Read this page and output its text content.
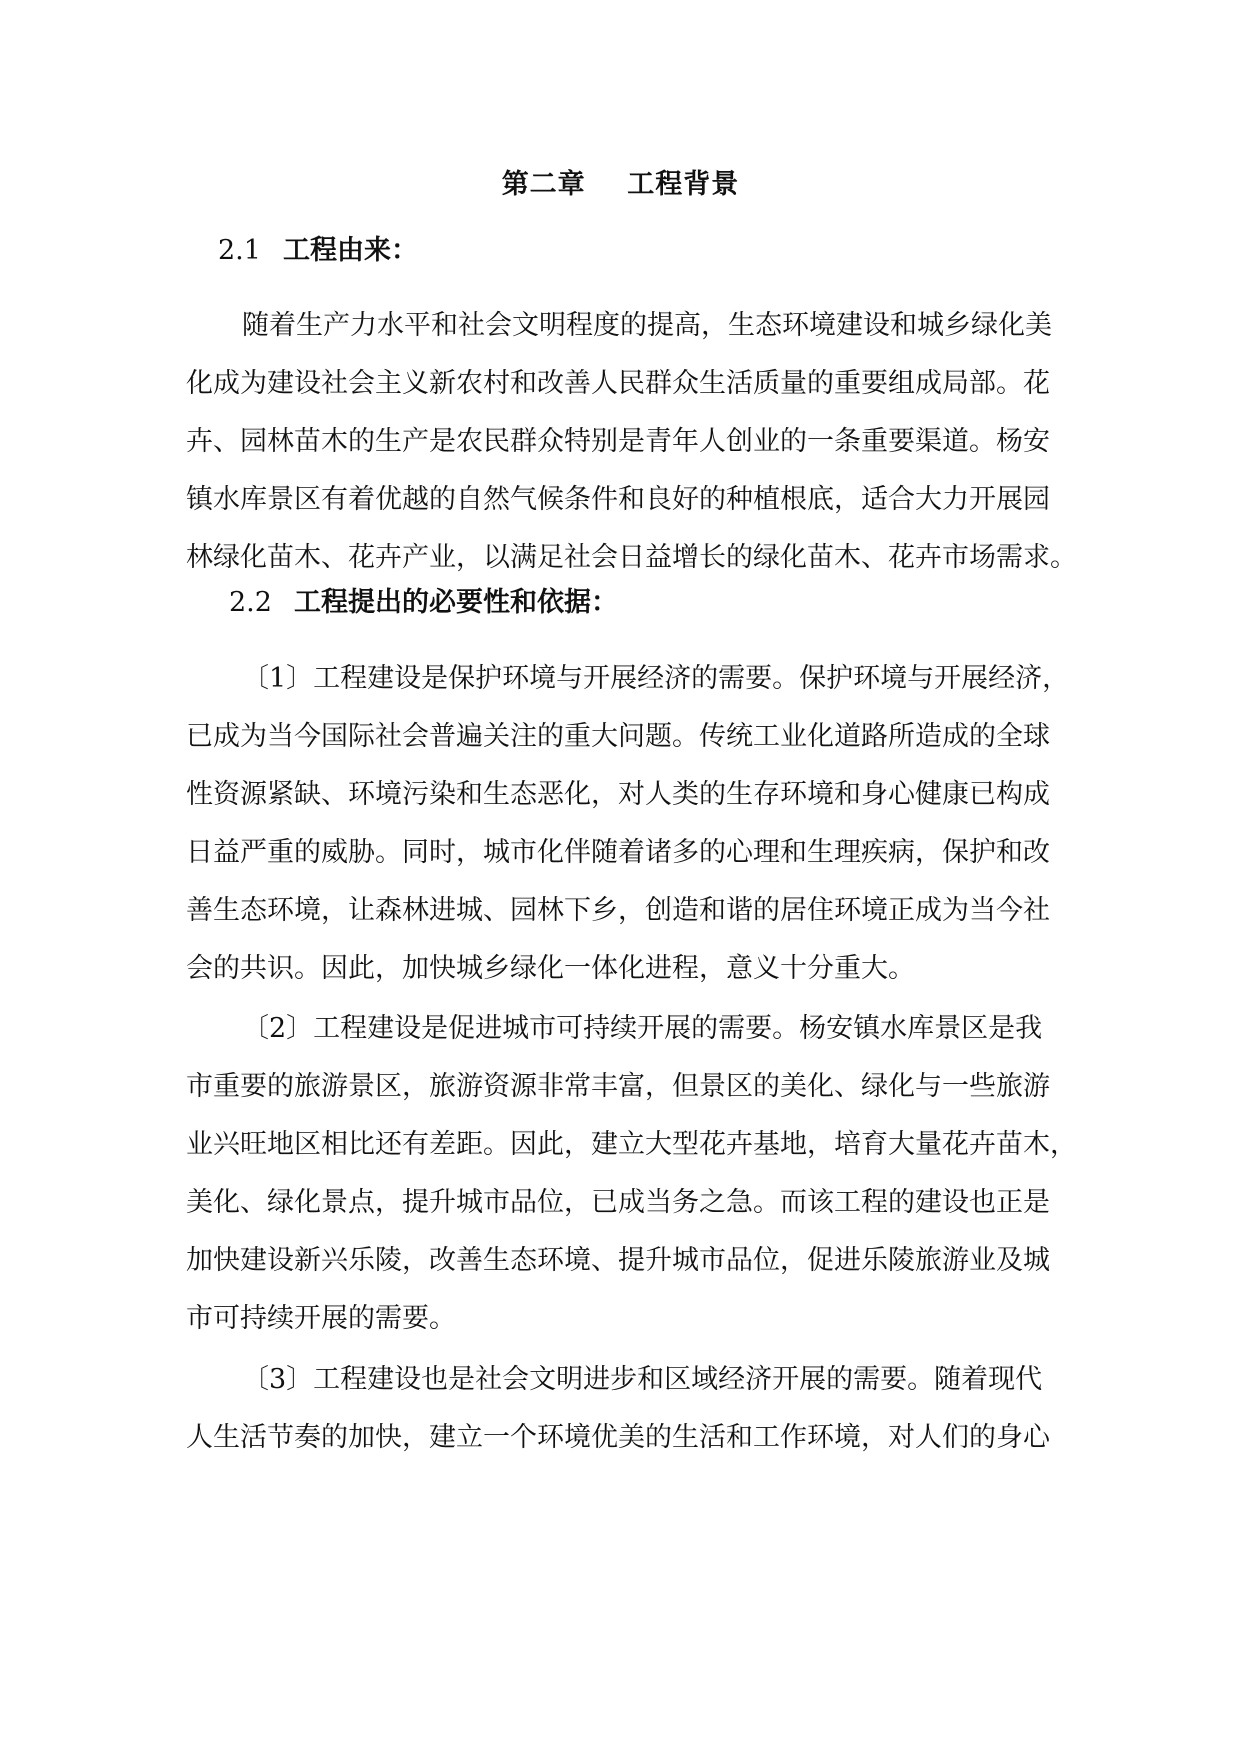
第二章    工程背景
2.1 工程由来：
随着生产力水平和社会文明程度的提高，生态环境建设和城乡绿化美
化成为建设社会主义新农村和改善人民群众生活质量的重要组成局部。花
卉、园林苗木的生产是农民群众特别是青年人创业的一条重要渠道。杨安
镇水库景区有着优越的自然气候条件和良好的种植根底，适合大力开展园
林绿化苗木、花卉产业，以满足社会日益增长的绿化苗木、花卉市场需求。
2.2 工程提出的必要性和依据：
〔1〕工程建设是保护环境与开展经济的需要。保护环境与开展经济，
已成为当今国际社会普遍关注的重大问题。传统工业化道路所造成的全球
性资源紧缺、环境污染和生态恶化，对人类的生存环境和身心健康已构成
日益严重的威胁。同时，城市化伴随着诸多的心理和生理疾病，保护和改
善生态环境，让森林进城、园林下乡，创造和谐的居住环境正成为当今社
会的共识。因此，加快城乡绿化一体化进程，意义十分重大。
〔2〕工程建设是促进城市可持续开展的需要。杨安镇水库景区是我
市重要的旅游景区，旅游资源非常丰富，但景区的美化、绿化与一些旅游
业兴旺地区相比还有差距。因此，建立大型花卉基地，培育大量花卉苗木，
美化、绿化景点，提升城市品位，已成当务之急。而该工程的建设也正是
加快建设新兴乐陵，改善生态环境、提升城市品位，促进乐陵旅游业及城
市可持续开展的需要。
〔3〕工程建设也是社会文明进步和区域经济开展的需要。随着现代
人生活节奏的加快，建立一个环境优美的生活和工作环境，对人们的身心
